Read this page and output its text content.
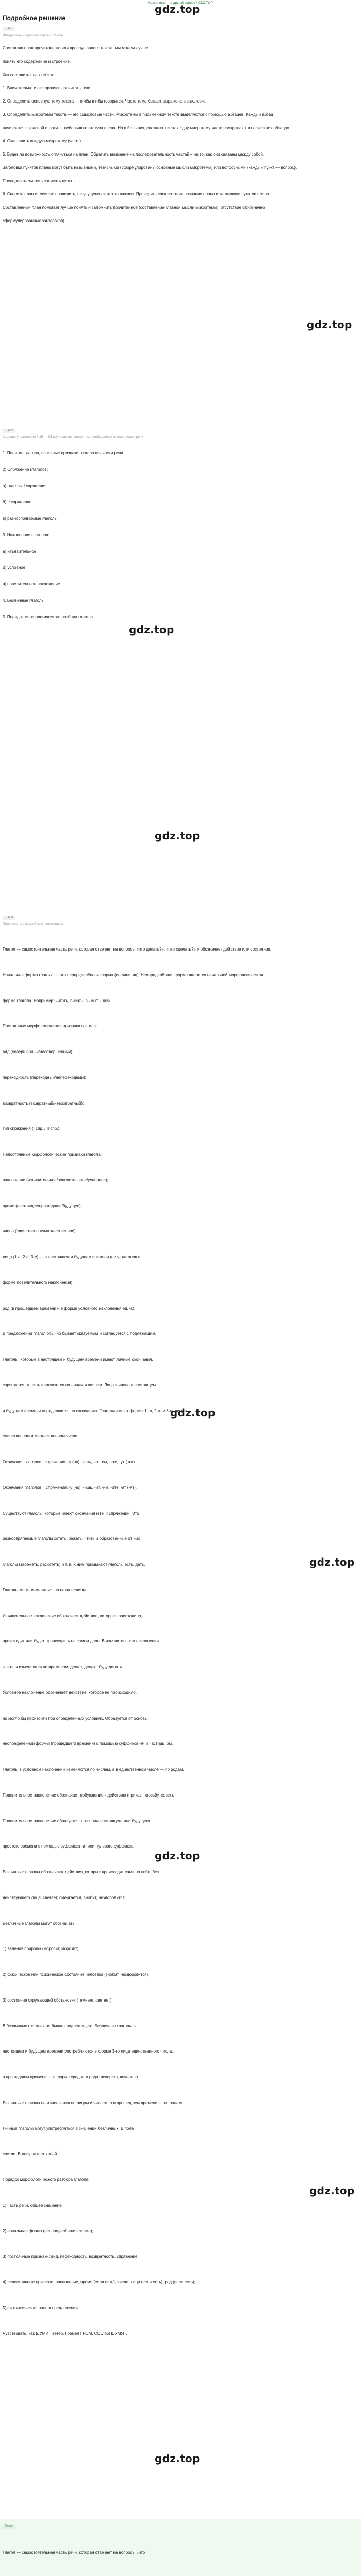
Ищете ответ на другой вопрос? GDZ.TOP
gdz.top
Подробное решение
Шаг 1
Интересные и простые факты о тексте
Составляя план прочитанного или прослушанного текста, мы можем лучше
понять его содержание и строение.
Как составить план текста:
1. Внимательно и не торопясь прочитать текст.
2. Определить основную тему текста — о чём в нём говорится. Часто тема бывает выражена в заголовке.
3. Определить микротемы текста — его смысловые части. Микротемы в письменном тексте выделяются с помощью абзацев. Каждый абзац
начинается с красной строки — небольшого отступа слева. Но в больших, сложных текстах одну микротему часто раскрывают в нескольких абзацах.
4. Озаглавить каждую микротему (часть).
5. Будет ли возможность оглянуться на план. Обратить внимание на последовательность частей и на то, как они связаны между собой.
Заголовки пунктов плана могут быть назывными, тезисными (сформулированы основные мысли микротемы) или вопросными (каждый пункт — вопрос).
Последовательность записать пункты.
6. Сверить план с текстом: проверить, не упущено ли что-то важное. Проверить соответствие названия плана и заголовков пунктов плана.
Составленный план помогает лучше понять и запомнить прочитанное (составление главной мысли микротемы), отсутствие однозначно
сформулированных заголовков).
gdz.top
Шаг 2
Задание упражнения § 25 — 95 изучение основных тем, необходимых в плане части речи
1. Понятие глагола, основные признаки глагола как части речи.
2) Спряжение глаголов:
а) глаголы I спряжения,
б) II спряжение,
в) разноспрягаемые глаголы.
3. Наклонения глаголов:
а) изъявительное,
б) условное
в) повелительное наклонение.
4. Безличные глаголы.
5. Порядок морфологического разбора глагола.
gdz.top
gdz.top
Шаг 3
План текста с подробным изложением
Глагол — самостоятельная часть речи, которая отвечает на вопросы «что делать?», «что сделать?» и обозначает действие или состояние.
Начальная форма глагола — это неопределённая форма (инфинитив). Неопределённая форма является начальной морфологическая
форма глагола. Например: читать, писать, вымыть, лечь.
Постоянные морфологические признаки глагола:
вид (совершенный/несовершенный);
переходность (переходный/непереходный);
возвратность (возвратный/невозвратный);
тип спряжения (I спр. / II спр.).
Непостоянные морфологические признаки глагола:
наклонение (изъявительное/повелительное/условное);
время (настоящее/прошедшее/будущее);
число (единственное/множественное);
лицо (1-е, 2-е, 3-е) — в настоящем и будущем времени (не у глаголов в
форме повелительного наклонения);
род (в прошедшем времени и в форме условного наклонения ед. ч.).
В предложении глагол обычно бывает сказуемым и согласуется с подлежащим.
Глаголы, которые в настоящем и будущем времени имеют личные окончания,
спрягаются, то есть изменяются по лицам и числам. Лицо и число в настоящем
и будущем времени определяются по окончанию. Глаголы имеют формы 1-го, 2-го и 3-го лица в
единственном и множественном числе.
Окончания глаголов I спряжения: -у (-ю), -ешь, -ет, -ем, -ете, -ут (-ют).
Окончания глаголов II спряжения: -у (-ю), -ишь, -ит, -им, -ите, -ат (-ят).
Существуют глаголы, которые имеют окончания и I и II спряжений. Это
разноспрягаемые глаголы хотеть, бежать, чтить и образованные от них
глаголы (забежать, расхотеть) и т. п. К ним примыкают глаголы есть, дать.
Глаголы могут изменяться по наклонениям.
Изъявительное наклонение обозначает действие, которое происходило,
происходит или будет происходить на самом деле. В изъявительном наклонении
глаголы изменяются по временам: делал, делаю, буду делать.
Условное наклонение обозначает действие, которое не происходило,
но могло бы произойти при определённых условиях. Образуется от основы
неопределённой формы (прошедшего времени) с помощью суффикса -л- и частицы бы.
Глаголы в условном наклонении изменяются по числам, а в единственном числе — по родам.
Повелительное наклонение обозначает побуждение к действию (приказ, просьбу, совет).
Повелительное наклонение образуется от основы настоящего или будущего
простого времени с помощью суффикса -и- или нулевого суффикса.
Безличные глаголы обозначают действия, которые происходят сами по себе, без
действующего лица: светает, смеркается, знобит, нездоровится.
Безличные глаголы могут обозначать:
1) явления природы (моросит, морозит);
2) физическое или психическое состояние человека (знобит, нездоровится);
3) состояние окружающей обстановки (темнеет, светает).
В безличных глаголах не бывает подлежащего. Безличные глаголы в
настоящем и будущем времени употребляются в форме 3-го лица единственного числа,
в прошедшем времени — в форме среднего рода: вечереет, вечерело.
Безличные глаголы не изменяются по лицам и числам, а в прошедшем времени — по родам.
Личные глаголы могут употребляться в значении безличных: В поле
светло. В лесу пахнет хвоей.
Порядок морфологического разбора глагола:
1) часть речи, общее значение;
2) начальная форма (неопределённая форма);
3) постоянные признаки: вид, переходность, возвратность, спряжение;
4) непостоянные признаки: наклонение, время (если есть), число, лицо (если есть), род (если есть);
5) синтаксическая роль в предложении.
Чувствовать, как ШУМИТ ветер. Гремел ГРОМ. СОСНЫ ШУМЯТ.
gdz.top
gdz.top
gdz.top
gdz.top
gdz.top
Ответ
Глагол — самостоятельная часть речи, которая отвечает на вопросы «что
